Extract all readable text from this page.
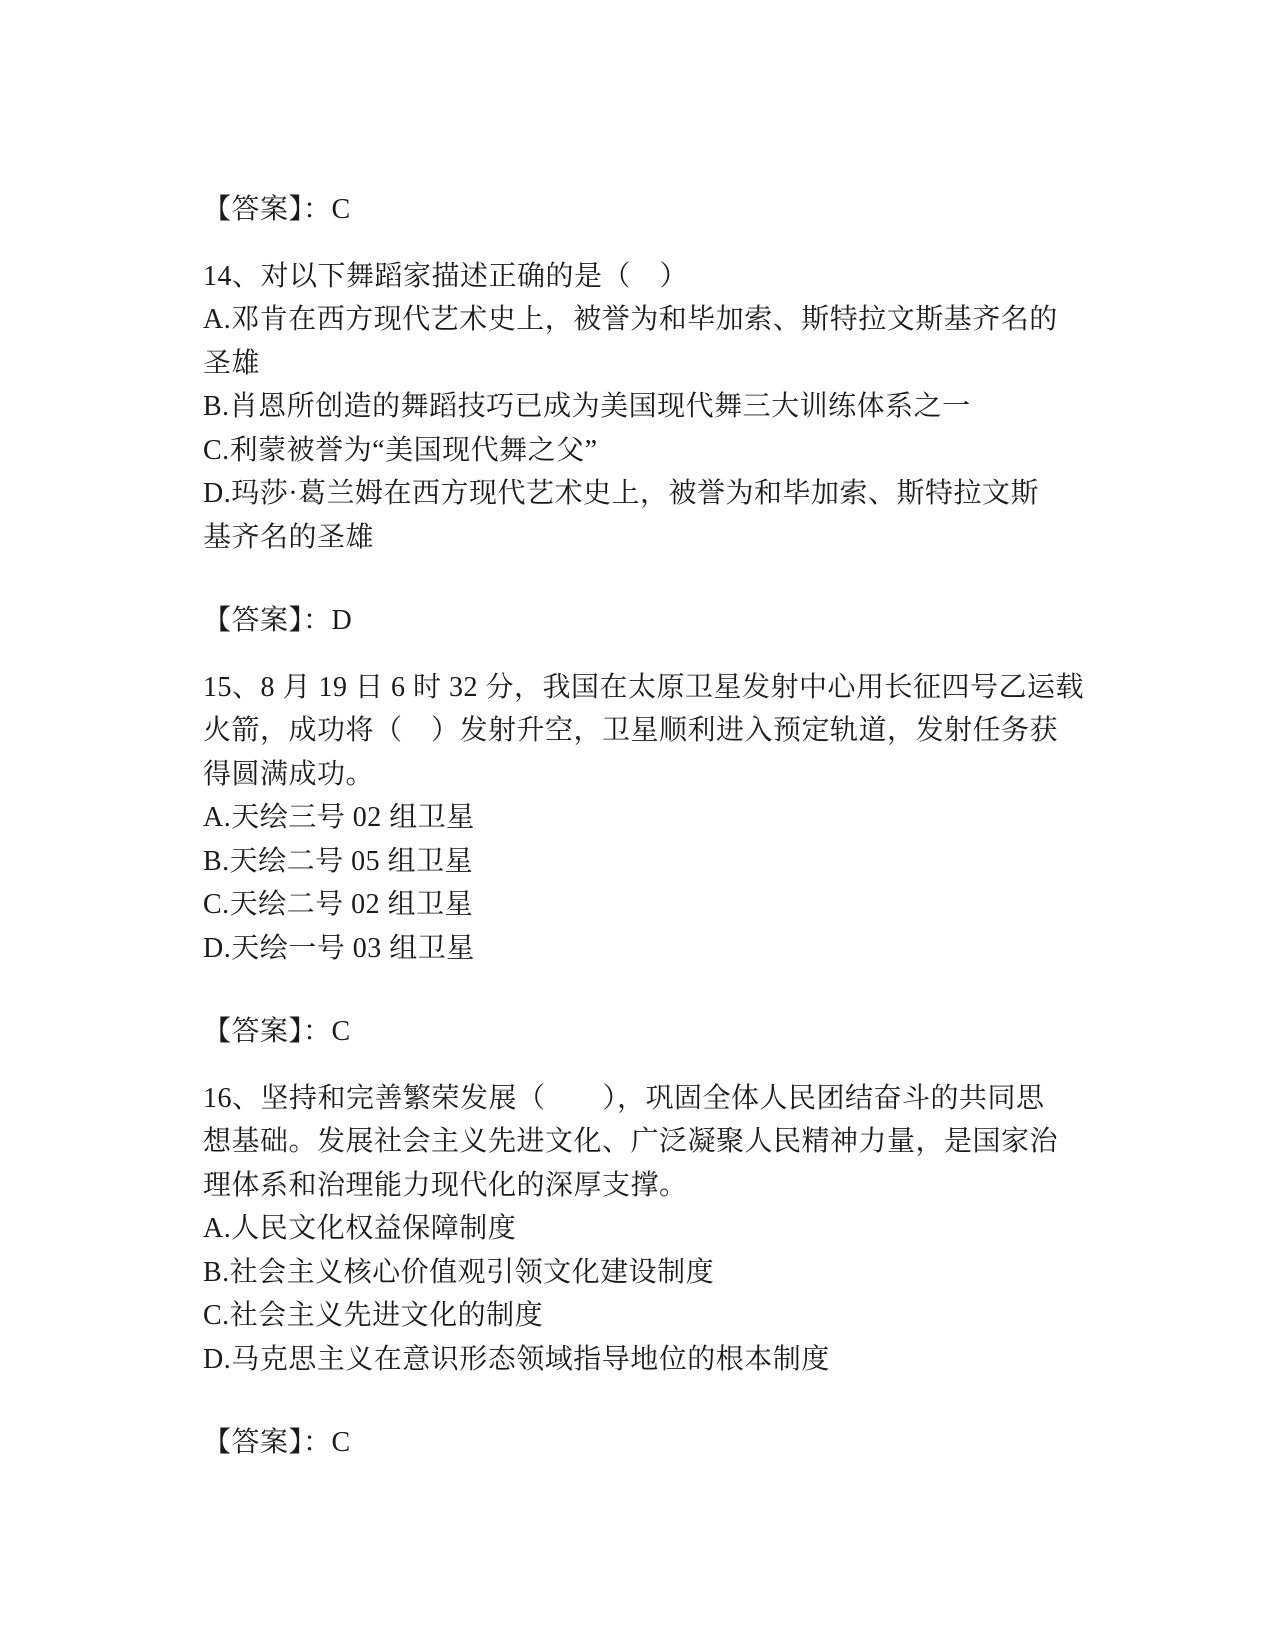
【答案】：C
14、对以下舞蹈家描述正确的是（　）
A.邓肯在西方现代艺术史上，被誉为和毕加索、斯特拉文斯基齐名的
圣雄
B.肖恩所创造的舞蹈技巧已成为美国现代舞三大训练体系之一
C.利蒙被誉为“美国现代舞之父”
D.玛莎·葛兰姆在西方现代艺术史上，被誉为和毕加索、斯特拉文斯
基齐名的圣雄
【答案】：D
15、8 月 19 日 6 时 32 分，我国在太原卫星发射中心用长征四号乙运载
火箭，成功将（　）发射升空，卫星顺利进入预定轨道，发射任务获
得圆满成功。
A.天绘三号 02 组卫星
B.天绘二号 05 组卫星
C.天绘二号 02 组卫星
D.天绘一号 03 组卫星
【答案】：C
16、坚持和完善繁荣发展（　　），巩固全体人民团结奋斗的共同思
想基础。发展社会主义先进文化、广泛凝聚人民精神力量，是国家治
理体系和治理能力现代化的深厚支撑。
A.人民文化权益保障制度
B.社会主义核心价值观引领文化建设制度
C.社会主义先进文化的制度
D.马克思主义在意识形态领域指导地位的根本制度
【答案】：C
